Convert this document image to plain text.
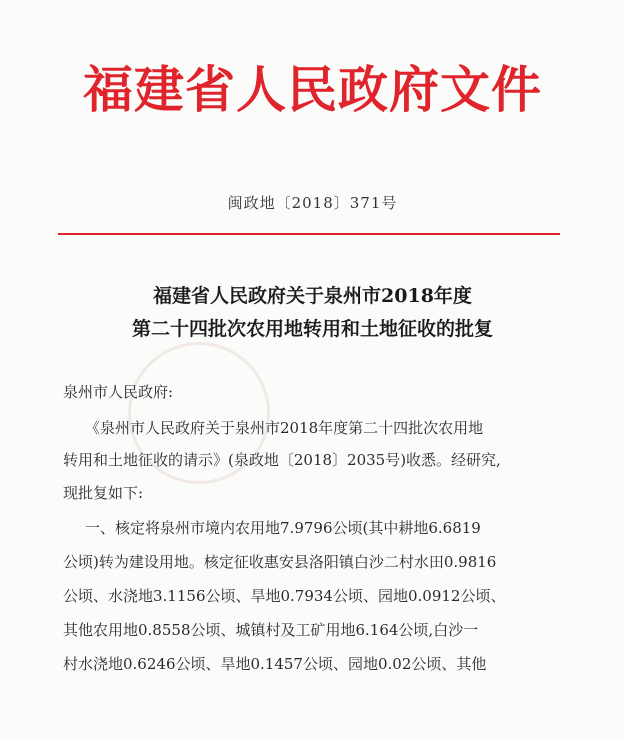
福建省人民政府文件
闽政地〔2018〕371号
福建省人民政府关于泉州市2018年度
第二十四批次农用地转用和土地征收的批复
泉州市人民政府:
《泉州市人民政府关于泉州市2018年度第二十四批次农用地
转用和土地征收的请示》(泉政地〔2018〕2035号)收悉。经研究,
现批复如下:
一、核定将泉州市境内农用地7.9796公顷(其中耕地6.6819
公顷)转为建设用地。核定征收惠安县洛阳镇白沙二村水田0.9816
公顷、水浇地3.1156公顷、旱地0.7934公顷、园地0.0912公顷、
其他农用地0.8558公顷、城镇村及工矿用地6.164公顷,白沙一
村水浇地0.6246公顷、旱地0.1457公顷、园地0.02公顷、其他
